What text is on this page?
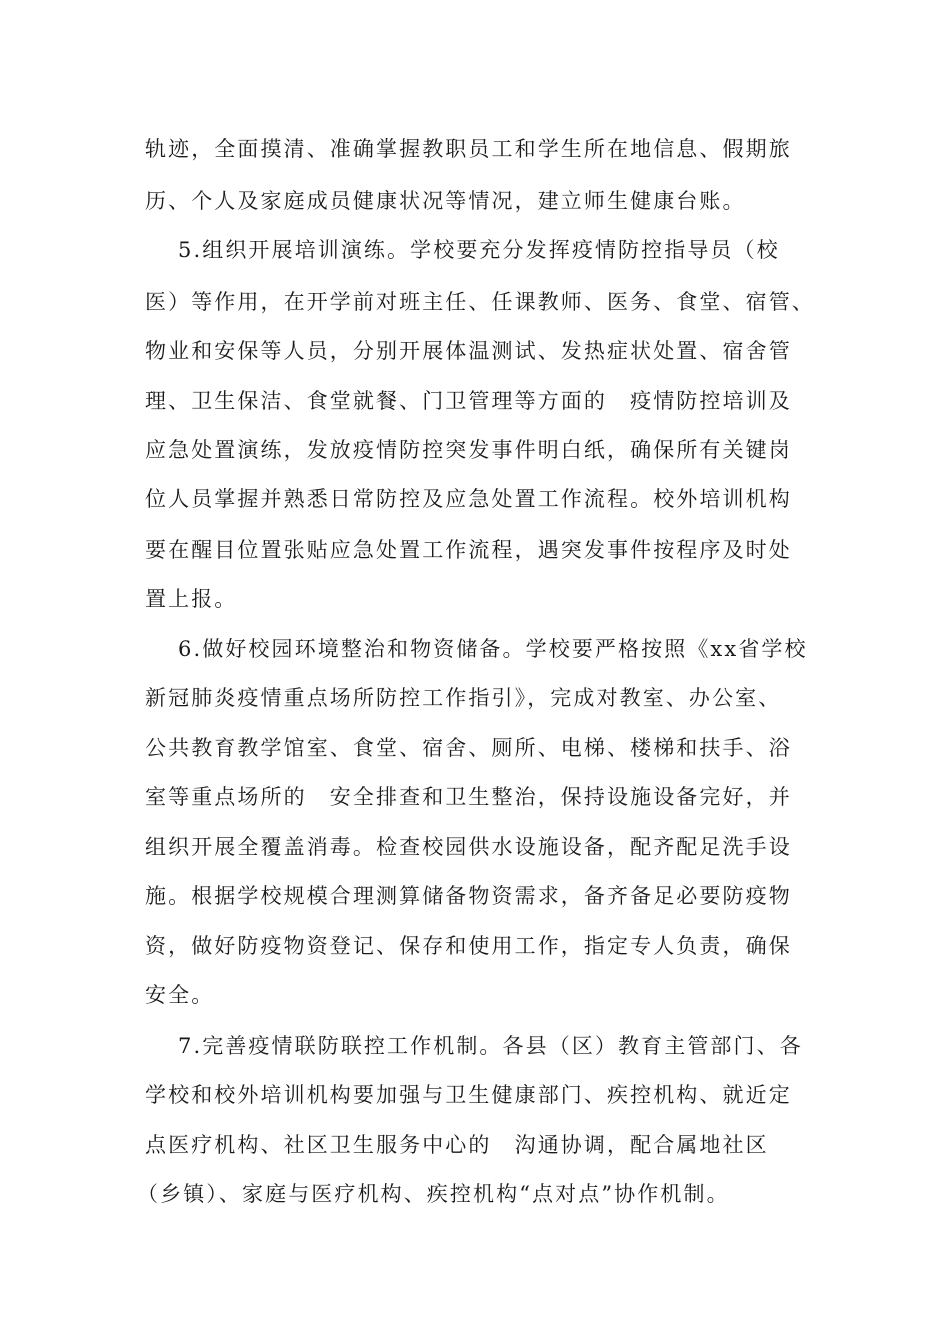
轨迹，全面摸清、准确掌握教职员工和学生所在地信息、假期旅

历、个人及家庭成员健康状况等情况，建立师生健康台账。

5.组织开展培训演练。学校要充分发挥疫情防控指导员（校

医）等作用，在开学前对班主任、任课教师、医务、食堂、宿管、

物业和安保等人员，分别开展体温测试、发热症状处置、宿舍管

理、卫生保洁、食堂就餐、门卫管理等方面的　疫情防控培训及

应急处置演练，发放疫情防控突发事件明白纸，确保所有关键岗

位人员掌握并熟悉日常防控及应急处置工作流程。校外培训机构

要在醒目位置张贴应急处置工作流程，遇突发事件按程序及时处

置上报。

6.做好校园环境整治和物资储备。学校要严格按照《xx省学校

新冠肺炎疫情重点场所防控工作指引》，完成对教室、办公室、

公共教育教学馆室、食堂、宿舍、厕所、电梯、楼梯和扶手、浴

室等重点场所的　安全排查和卫生整治，保持设施设备完好，并

组织开展全覆盖消毒。检查校园供水设施设备，配齐配足洗手设

施。根据学校规模合理测算储备物资需求，备齐备足必要防疫物

资，做好防疫物资登记、保存和使用工作，指定专人负责，确保

安全。

7.完善疫情联防联控工作机制。各县（区）教育主管部门、各

学校和校外培训机构要加强与卫生健康部门、疾控机构、就近定

点医疗机构、社区卫生服务中心的　沟通协调，配合属地社区

（乡镇）、家庭与医疗机构、疾控机构“点对点”协作机制。
